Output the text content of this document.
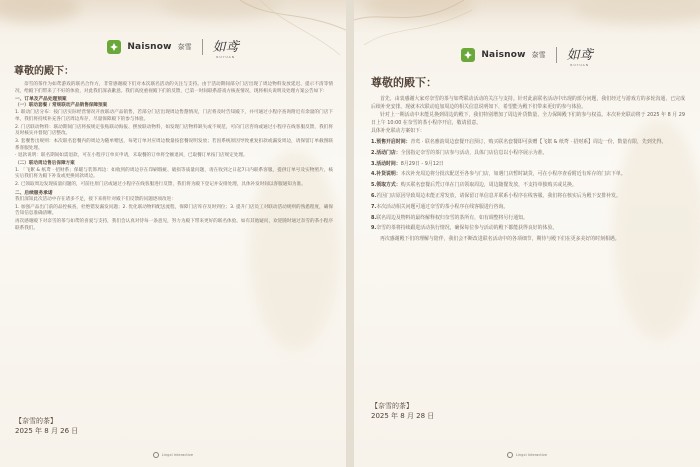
Naisnow 奈雪 如鸢
RUYUAN
尊敬的殿下：

奈雪的茶作为如鸢游戏的联名合作方，非常感谢殿下们对本次联名活动的关注与支持。由于活动期间部分门店出现了周边物料发放延迟、提示不清等情况，给殿下们带来了不好的体验，对此我们深表歉意。我们高度重视殿下们的反馈，已第一时间联系游戏方核查情况，现将相关说明及处理方案公告如下：

一、订单及产品处理预案
（一）联动套餐 / 常规联动产品销售保障预案

1. 联动门店分布：按门店实际经营情况开放联动产品销售，若部分门店出现周边售罄情况，门店将及时告知殿下，并可通过小程序查询附近有余量的门店下单，我们将持续补充各门店周边库存，尽量保障殿下的参与体验。

2. 门店联动物料：联动期间门店将按规定张贴联动海报、摆放联动物料，如发现门店物料缺失或不规范，可向门店咨询或通过小程序在线客服反馈，我们将及时核实并督促门店整改。

3. 套餐售出规则：本次联名套餐内的周边为随单赠送，每笔订单对应周边数量按套餐说明发放；若因系统原因导致重复扣款或漏发周边，请保留订单截图联系客服处理。

· 退款说明：联名期间如需退款，可在小程序订单页申请，未取餐的订单将全额退回，已取餐订单按门店规定处理。

（二）联动周边售后保障方案

1. 「飞絮 & 纸鸢 · 招财系」保暖与装饰周边：如收到的周边存在印刷瑕疵、破损等质量问题，请在收到之日起7日内联系客服，提供订单号及实物照片，核实后我们将为殿下补发或更换同款周边。

2. 已领取周边发现质量问题的，可前往原门店或通过小程序在线客服进行反馈，我们将为殿下登记并安排处理，具体补发时间以客服通知为准。

二、后续服务承诺

我们深知此次活动中存在诸多不足，接下来将针对殿下们反馈的问题逐项改进：

1. 加强产品出门前的品控核查，杜绝错发漏发问题；2. 优化联动物料配送流程，保障门店库存及时到位；3. 提升门店员工对联动活动规则的熟悉程度，确保告知信息准确清晰。

再次感谢殿下对奈雪的茶与如鸢的喜爱与支持，我们会认真对待每一条意见，努力为殿下带来更好的联名体验。如有其他疑问，欢迎随时通过奈雪的茶小程序联系我们。

【奈雪的茶】
2025 年 8 月 26 日
Lingxi Interactive
Naisnow 奈雪 如鸢
RUYUAN
尊敬的殿下：

首先，由衷感谢大家对奈雪的茶与如鸢联动活动的关注与支持。针对此前联名活动中出现的部分问题，我们经过与游戏方的多轮沟通，已完成后续补充安排。现就本次联动追加周边的相关信息说明如下，希望能为殿下们带来更好的参与体验。

针对上一期活动中未能兑换到周边的殿下，我们特别增加了周边补货数量，全力保障殿下们的参与权益。本次补充联动将于 2025 年 8 月 29 日上午 10:00 在奈雪的茶小程序开启，敬请留意。

具体补充联动方案如下：

1.预售开启时间：青鸾 · 联名雅韵周边套餐开启预订，购买联名套餐即可获赠【飞絮 & 纸鸢 · 招财系】周边一份，数量有限，先到先得。

2.活动门店：全国指定奈雪的茶门店参与活动，具体门店信息以小程序展示为准。

3.活动时间：8月29日 - 9月12日

4.补货说明：本次补充周边将分批次配送至各参与门店，如遇门店暂时缺货，可在小程序查看附近有库存的门店下单。

5.领取方式：购买联名套餐后凭订单在门店领取周边，周边随餐发放，不支持单独购买或兑换。

6.若因门店原因导致周边未能正常发放，请保留订单信息并联系小程序在线客服，我们将在核实后为殿下安排补发。

7.本次活动相关问题可通过奈雪的茶小程序在线客服进行咨询。

8.联名周边及物料的最终解释权归奈雪的茶所有，如有调整将另行通知。

9.奈雪的茶将持续跟进活动执行情况，确保每位参与活动的殿下都能获得良好的体验。

再次感谢殿下们的理解与陪伴，我们会不断改进联名活动中的各项细节，期待与殿下们在更多美好的时刻相遇。

【奈雪的茶】
2025 年 8 月 28 日
Lingxi Interactive
